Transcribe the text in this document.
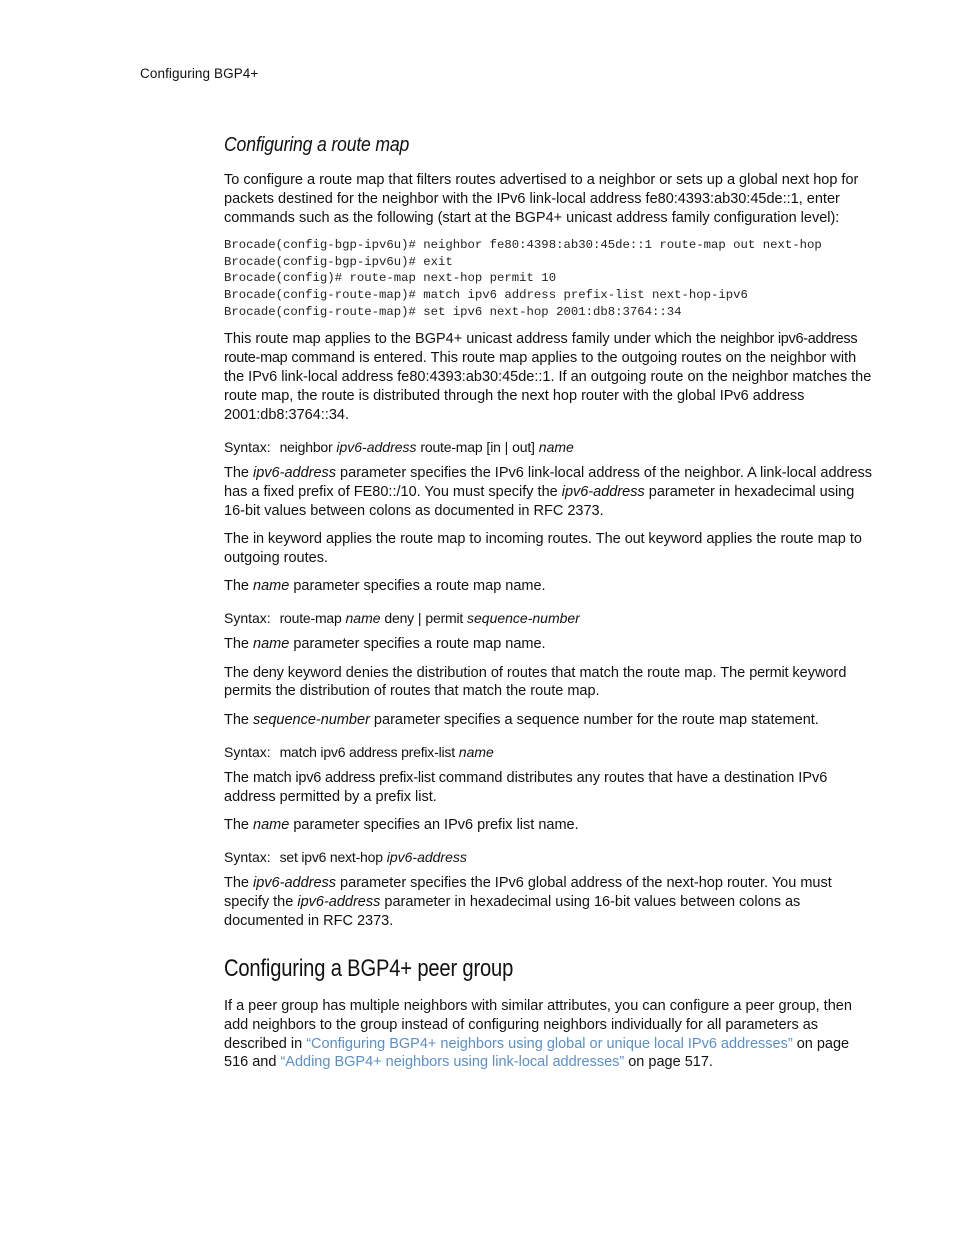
Configuring BGP4+
Configuring a route map

To configure a route map that filters routes advertised to a neighbor or sets up a global next hop for packets destined for the neighbor with the IPv6 link-local address fe80:4393:ab30:45de::1, enter commands such as the following (start at the BGP4+ unicast address family configuration level):

Brocade(config-bgp-ipv6u)# neighbor fe80:4398:ab30:45de::1 route-map out next-hop
Brocade(config-bgp-ipv6u)# exit
Brocade(config)# route-map next-hop permit 10
Brocade(config-route-map)# match ipv6 address prefix-list next-hop-ipv6
Brocade(config-route-map)# set ipv6 next-hop 2001:db8:3764::34

This route map applies to the BGP4+ unicast address family under which the neighbor ipv6-address route-map command is entered. This route map applies to the outgoing routes on the neighbor with the IPv6 link-local address fe80:4393:ab30:45de::1. If an outgoing route on the neighbor matches the route map, the route is distributed through the next hop router with the global IPv6 address 2001:db8:3764::34.

Syntax: neighbor ipv6-address route-map [in | out] name

The ipv6-address parameter specifies the IPv6 link-local address of the neighbor. A link-local address has a fixed prefix of FE80::/10. You must specify the ipv6-address parameter in hexadecimal using 16-bit values between colons as documented in RFC 2373.

The in keyword applies the route map to incoming routes. The out keyword applies the route map to outgoing routes.

The name parameter specifies a route map name.

Syntax: route-map name deny | permit sequence-number

The name parameter specifies a route map name.

The deny keyword denies the distribution of routes that match the route map. The permit keyword permits the distribution of routes that match the route map.

The sequence-number parameter specifies a sequence number for the route map statement.

Syntax: match ipv6 address prefix-list name

The match ipv6 address prefix-list command distributes any routes that have a destination IPv6 address permitted by a prefix list.

The name parameter specifies an IPv6 prefix list name.

Syntax: set ipv6 next-hop ipv6-address

The ipv6-address parameter specifies the IPv6 global address of the next-hop router. You must specify the ipv6-address parameter in hexadecimal using 16-bit values between colons as documented in RFC 2373.

Configuring a BGP4+ peer group

If a peer group has multiple neighbors with similar attributes, you can configure a peer group, then add neighbors to the group instead of configuring neighbors individually for all parameters as described in “Configuring BGP4+ neighbors using global or unique local IPv6 addresses” on page 516 and “Adding BGP4+ neighbors using link-local addresses” on page 517.
